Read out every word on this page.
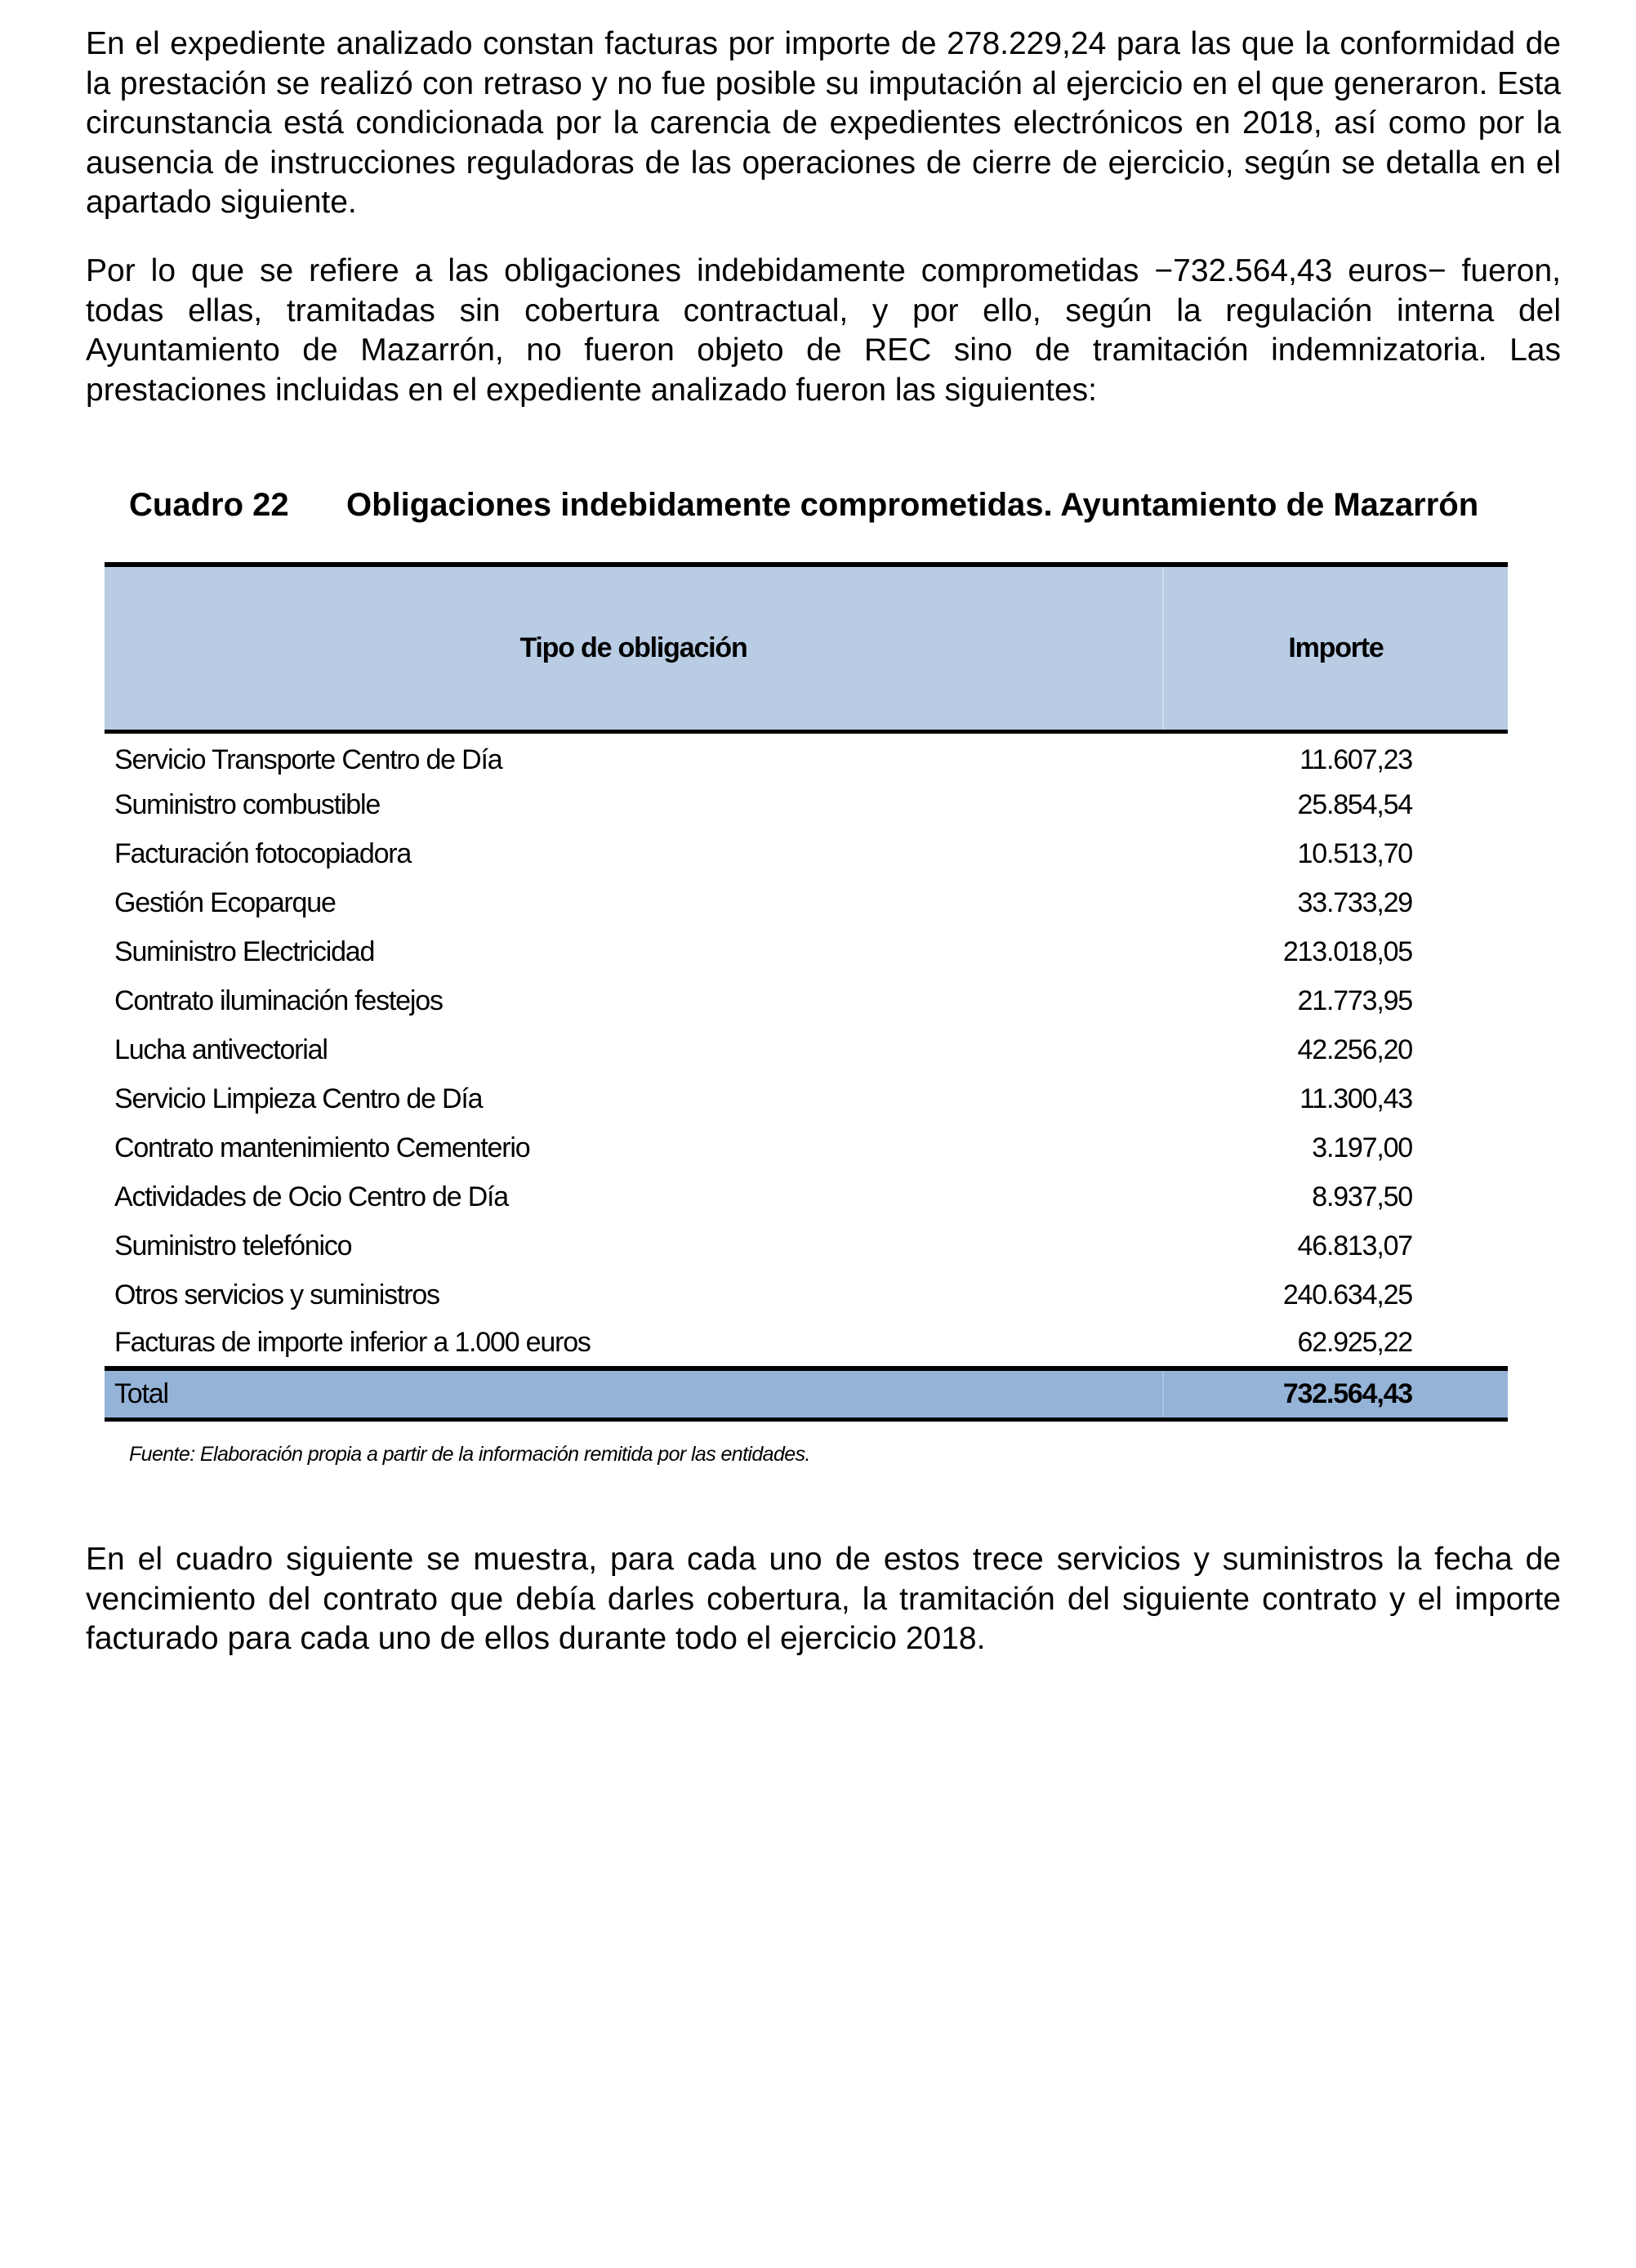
En el expediente analizado constan facturas por importe de 278.229,24 para las que la conformidad de la prestación se realizó con retraso y no fue posible su imputación al ejercicio en el que generaron. Esta circunstancia está condicionada por la carencia de expedientes electrónicos en 2018, así como por la ausencia de instrucciones reguladoras de las operaciones de cierre de ejercicio, según se detalla en el apartado siguiente.

Por lo que se refiere a las obligaciones indebidamente comprometidas −732.564,43 euros− fueron, todas ellas, tramitadas sin cobertura contractual, y por ello, según la regulación interna del Ayuntamiento de Mazarrón, no fueron objeto de REC sino de tramitación indemnizatoria. Las prestaciones incluidas en el expediente analizado fueron las siguientes:

Cuadro 22 Obligaciones indebidamente comprometidas. Ayuntamiento de Mazarrón
Tipo de obligación	Importe
Servicio Transporte Centro de Día	11.607,23
Suministro combustible	25.854,54
Facturación fotocopiadora	10.513,70
Gestión Ecoparque	33.733,29
Suministro Electricidad	213.018,05
Contrato iluminación festejos	21.773,95
Lucha antivectorial	42.256,20
Servicio Limpieza Centro de Día	11.300,43
Contrato mantenimiento Cementerio	3.197,00
Actividades de Ocio Centro de Día	8.937,50
Suministro telefónico	46.813,07
Otros servicios y suministros	240.634,25
Facturas de importe inferior a 1.000 euros	62.925,22
Total	732.564,43
Fuente: Elaboración propia a partir de la información remitida por las entidades.

En el cuadro siguiente se muestra, para cada uno de estos trece servicios y suministros la fecha de vencimiento del contrato que debía darles cobertura, la tramitación del siguiente contrato y el importe facturado para cada uno de ellos durante todo el ejercicio 2018.
